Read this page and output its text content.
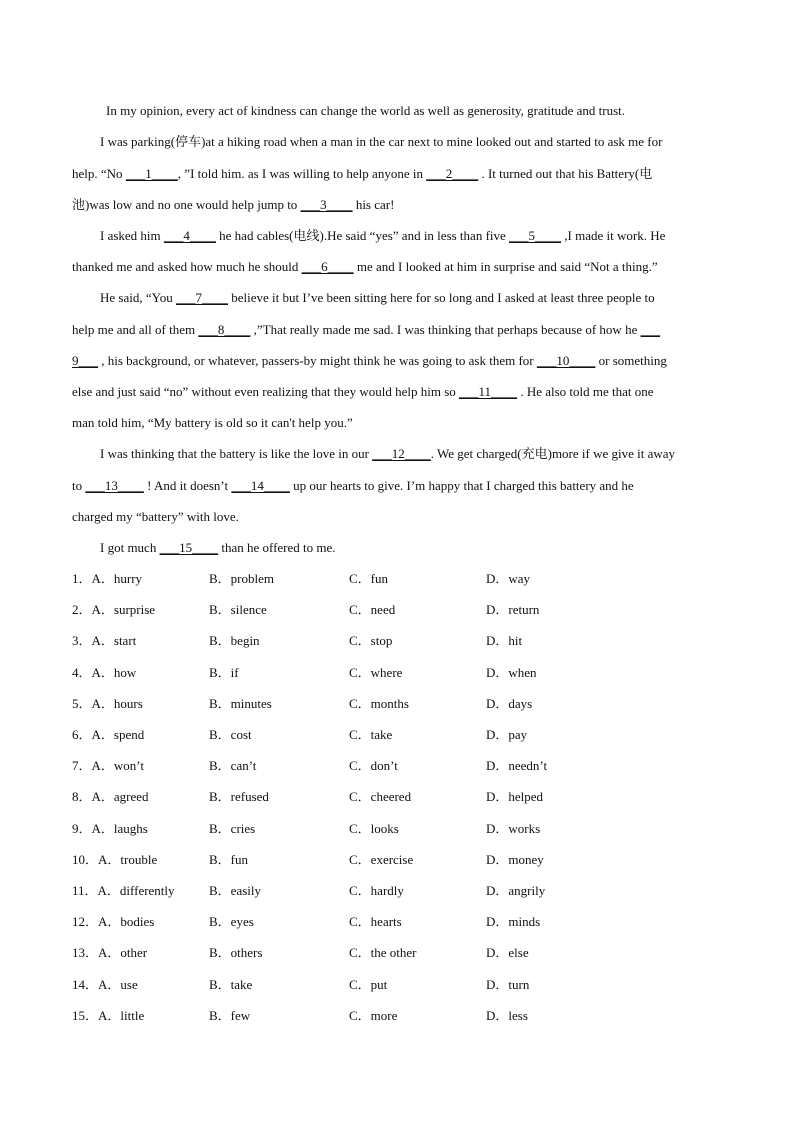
In my opinion, every act of kindness can change the world as well as generosity, gratitude and trust.
I was parking(停车)at a hiking road when a man in the car next to mine looked out and started to ask me for
help. “No ___1____, ”I told him. as I was willing to help anyone in ___2____ . It turned out that his Battery(电
池)was low and no one would help jump to ___3____ his car!
I asked him ___4____ he had cables(电线).He said “yes” and in less than five ___5____ ,I made it work. He
thanked me and asked how much he should ___6____ me and I looked at him in surprise and said “Not a thing.”
He said, “You ___7____ believe it but I’ve been sitting here for so long and I asked at least three people to
help me and all of them ___8____ ,”That really made me sad. I was thinking that perhaps because of how he ___
9___ , his background, or whatever, passers-by might think he was going to ask them for ___10____ or something
else and just said “no” without even realizing that they would help him so ___11____ . He also told me that one
man told him, “My battery is old so it can't help you.”
I was thinking that the battery is like the love in our ___12____. We get charged(充电)more if we give it away
to ___13____ ! And it doesn’t ___14____ up our hearts to give. I’m happy that I charged this battery and he
charged my “battery” with love.
I got much ___15____ than he offered to me.
1．A．hurry	B．problem	C．fun	D．way
2．A．surprise	B．silence	C．need	D．return
3．A．start	B．begin	C．stop	D．hit
4．A．how	B．if	C．where	D．when
5．A．hours	B．minutes	C．months	D．days
6．A．spend	B．cost	C．take	D．pay
7．A．won’t	B．can’t	C．don’t	D．needn’t
8．A．agreed	B．refused	C．cheered	D．helped
9．A．laughs	B．cries	C．looks	D．works
10．A．trouble	B．fun	C．exercise	D．money
11．A．differently	B．easily	C．hardly	D．angrily
12．A．bodies	B．eyes	C．hearts	D．minds
13．A．other	B．others	C．the other	D．else
14．A．use	B．take	C．put	D．turn
15．A．little	B．few	C．more	D．less
